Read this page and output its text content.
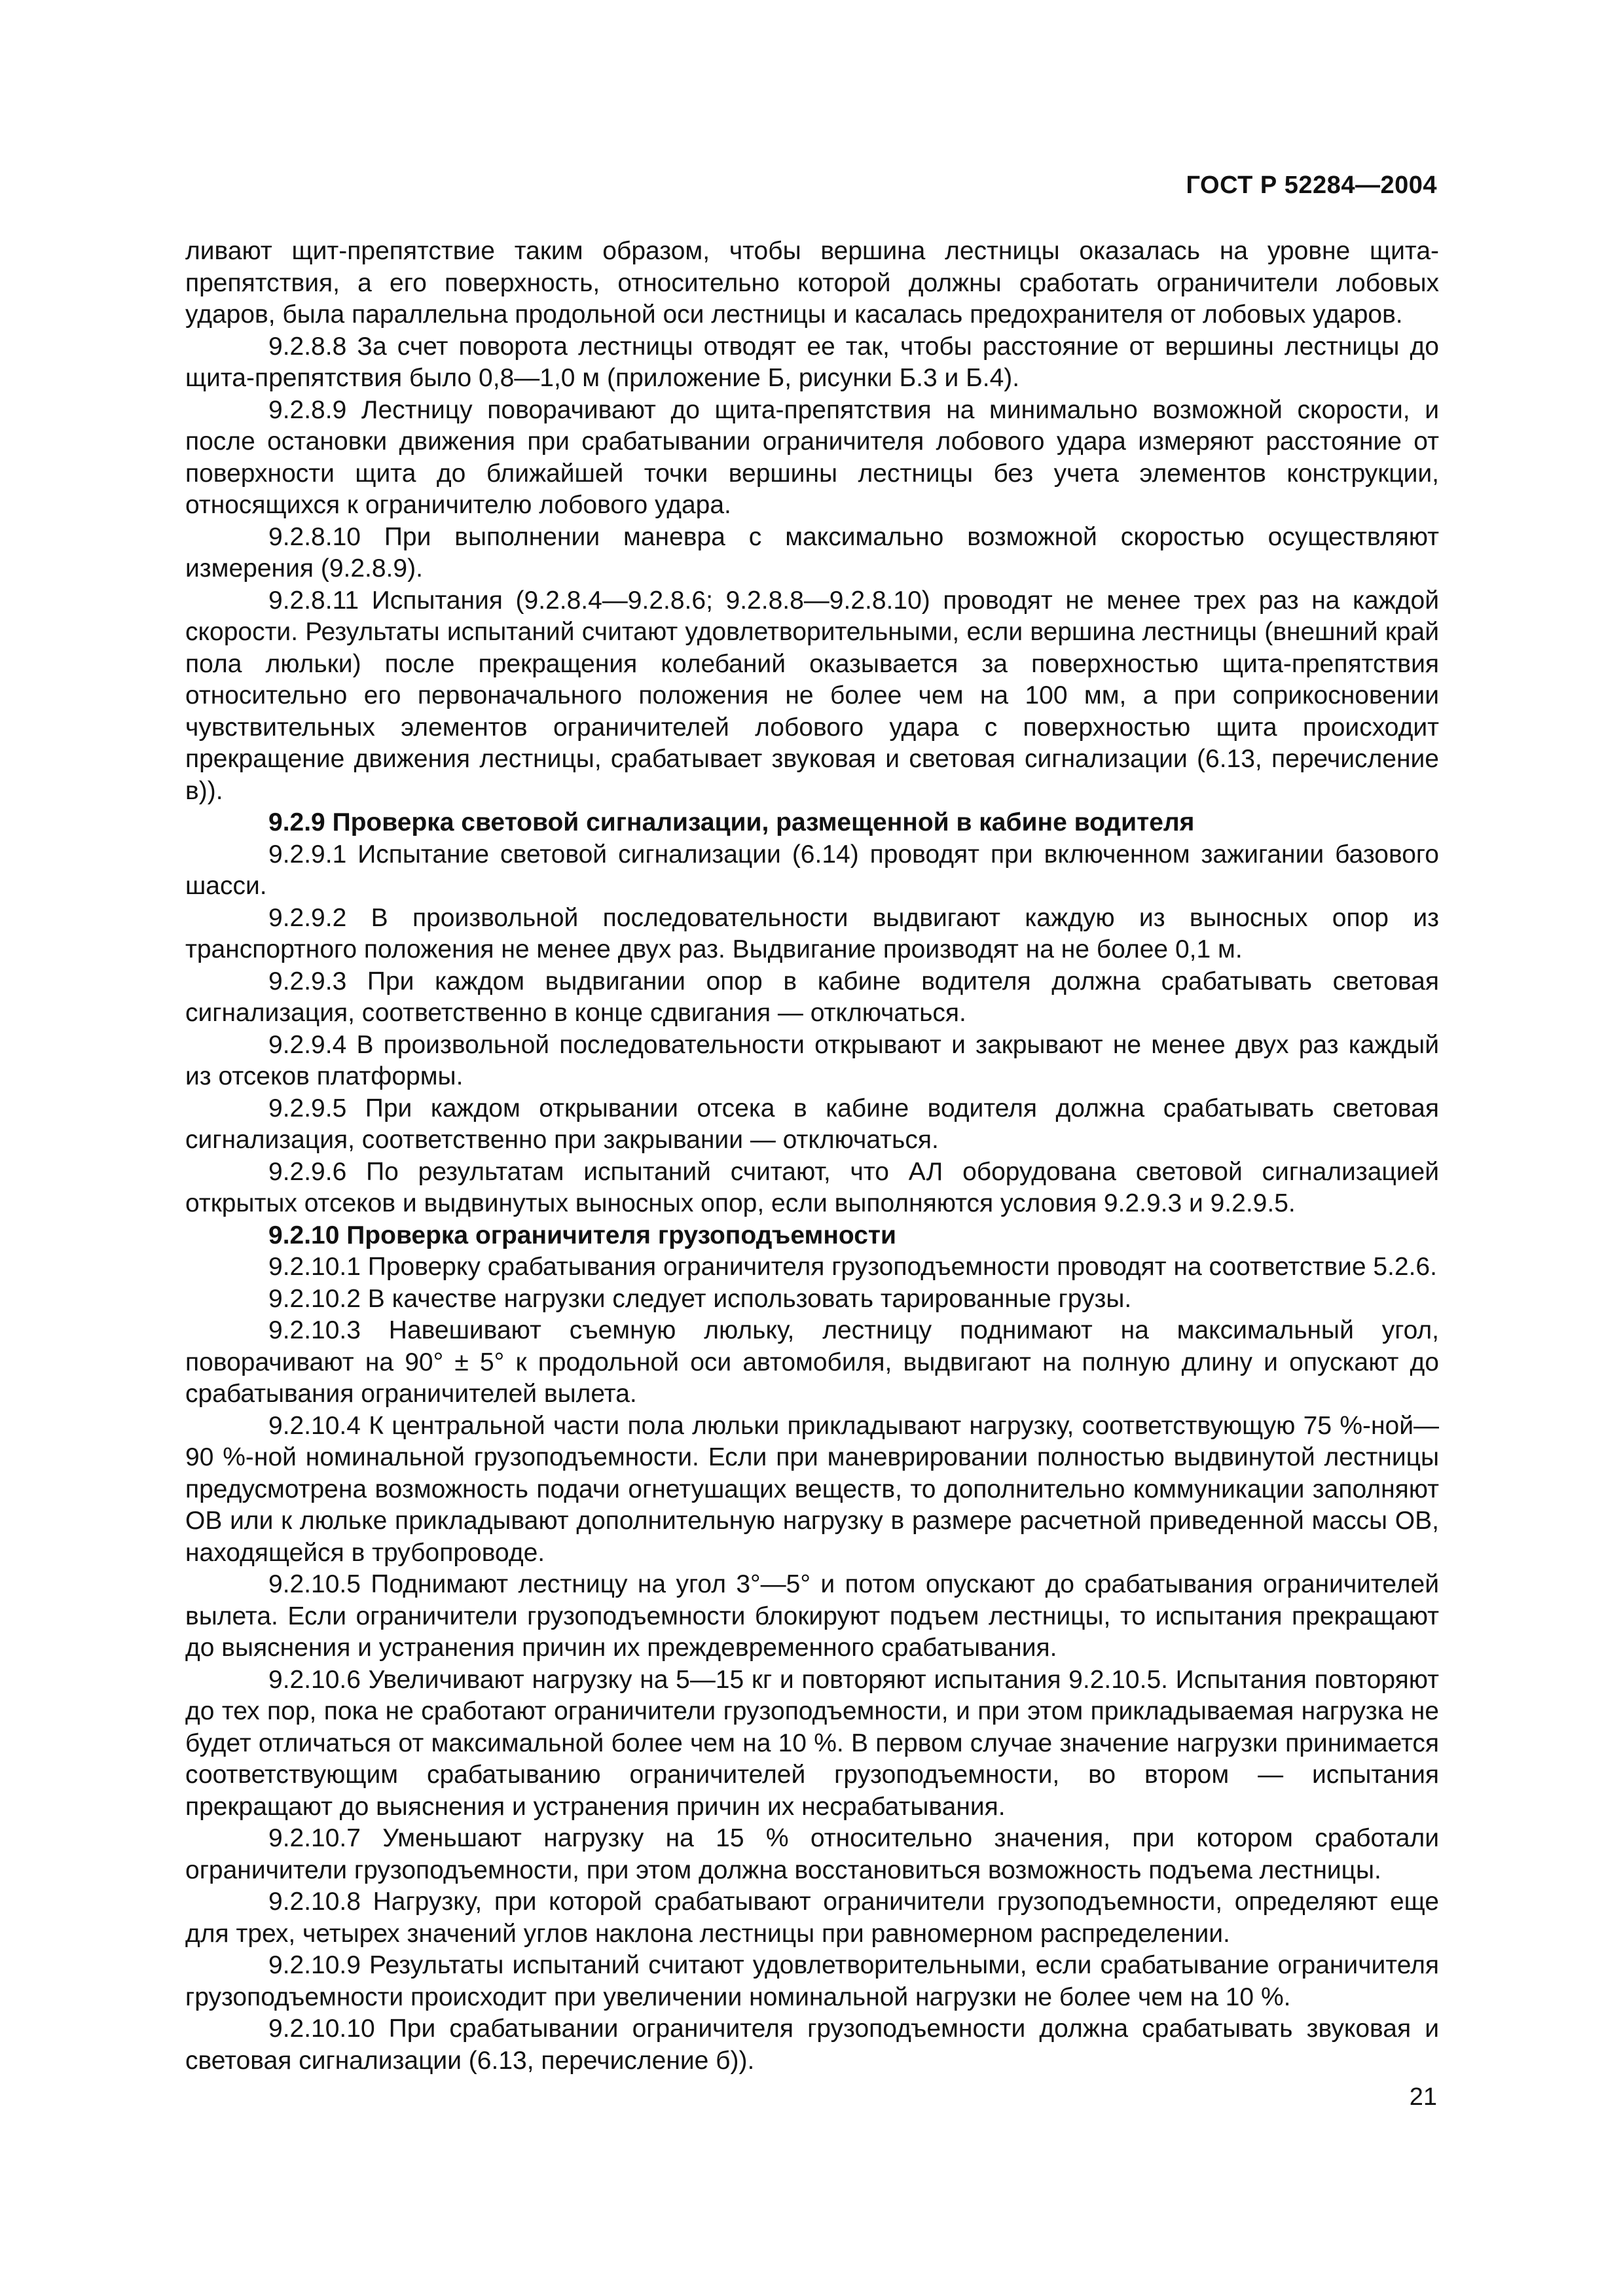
ГОСТ Р 52284—2004

ливают щит-препятствие таким образом, чтобы вершина лестницы оказалась на уровне щита-препятствия, а его поверхность, относительно которой должны сработать ограничители лобовых ударов, была параллельна продольной оси лестницы и касалась предохранителя от лобовых ударов.

9.2.8.8 За счет поворота лестницы отводят ее так, чтобы расстояние от вершины лестницы до щита-препятствия было 0,8—1,0 м (приложение Б, рисунки Б.3 и Б.4).

9.2.8.9 Лестницу поворачивают до щита-препятствия на минимально возможной скорости, и после остановки движения при срабатывании ограничителя лобового удара измеряют расстояние от поверхности щита до ближайшей точки вершины лестницы без учета элементов конструкции, относящихся к ограничителю лобового удара.

9.2.8.10 При выполнении маневра с максимально возможной скоростью осуществляют измерения (9.2.8.9).

9.2.8.11 Испытания (9.2.8.4—9.2.8.6; 9.2.8.8—9.2.8.10) проводят не менее трех раз на каждой скорости. Результаты испытаний считают удовлетворительными, если вершина лестницы (внешний край пола люльки) после прекращения колебаний оказывается за поверхностью щита-препятствия относительно его первоначального положения не более чем на 100 мм, а при соприкосновении чувствительных элементов ограничителей лобового удара с поверхностью щита происходит прекращение движения лестницы, срабатывает звуковая и световая сигнализации (6.13, перечисление в)).

9.2.9 Проверка световой сигнализации, размещенной в кабине водителя

9.2.9.1 Испытание световой сигнализации (6.14) проводят при включенном зажигании базового шасси.

9.2.9.2 В произвольной последовательности выдвигают каждую из выносных опор из транспортного положения не менее двух раз. Выдвигание производят на не более 0,1 м.

9.2.9.3 При каждом выдвигании опор в кабине водителя должна срабатывать световая сигнализация, соответственно в конце сдвигания — отключаться.

9.2.9.4 В произвольной последовательности открывают и закрывают не менее двух раз каждый из отсеков платформы.

9.2.9.5 При каждом открывании отсека в кабине водителя должна срабатывать световая сигнализация, соответственно при закрывании — отключаться.

9.2.9.6 По результатам испытаний считают, что АЛ оборудована световой сигнализацией открытых отсеков и выдвинутых выносных опор, если выполняются условия 9.2.9.3 и 9.2.9.5.

9.2.10 Проверка ограничителя грузоподъемности

9.2.10.1 Проверку срабатывания ограничителя грузоподъемности проводят на соответствие 5.2.6.

9.2.10.2 В качестве нагрузки следует использовать тарированные грузы.

9.2.10.3 Навешивают съемную люльку, лестницу поднимают на максимальный угол, поворачивают на 90° ± 5° к продольной оси автомобиля, выдвигают на полную длину и опускают до срабатывания ограничителей вылета.

9.2.10.4 К центральной части пола люльки прикладывают нагрузку, соответствующую 75 %-ной—90 %-ной номинальной грузоподъемности. Если при маневрировании полностью выдвинутой лестницы предусмотрена возможность подачи огнетушащих веществ, то дополнительно коммуникации заполняют ОВ или к люльке прикладывают дополнительную нагрузку в размере расчетной приведенной массы ОВ, находящейся в трубопроводе.

9.2.10.5 Поднимают лестницу на угол 3°—5° и потом опускают до срабатывания ограничителей вылета. Если ограничители грузоподъемности блокируют подъем лестницы, то испытания прекращают до выяснения и устранения причин их преждевременного срабатывания.

9.2.10.6 Увеличивают нагрузку на 5—15 кг и повторяют испытания 9.2.10.5. Испытания повторяют до тех пор, пока не сработают ограничители грузоподъемности, и при этом прикладываемая нагрузка не будет отличаться от максимальной более чем на 10 %. В первом случае значение нагрузки принимается соответствующим срабатыванию ограничителей грузоподъемности, во втором — испытания прекращают до выяснения и устранения причин их несрабатывания.

9.2.10.7 Уменьшают нагрузку на 15 % относительно значения, при котором сработали ограничители грузоподъемности, при этом должна восстановиться возможность подъема лестницы.

9.2.10.8 Нагрузку, при которой срабатывают ограничители грузоподъемности, определяют еще для трех, четырех значений углов наклона лестницы при равномерном распределении.

9.2.10.9 Результаты испытаний считают удовлетворительными, если срабатывание ограничителя грузоподъемности происходит при увеличении номинальной нагрузки не более чем на 10 %.

9.2.10.10 При срабатывании ограничителя грузоподъемности должна срабатывать звуковая и световая сигнализации (6.13, перечисление б)).

21
